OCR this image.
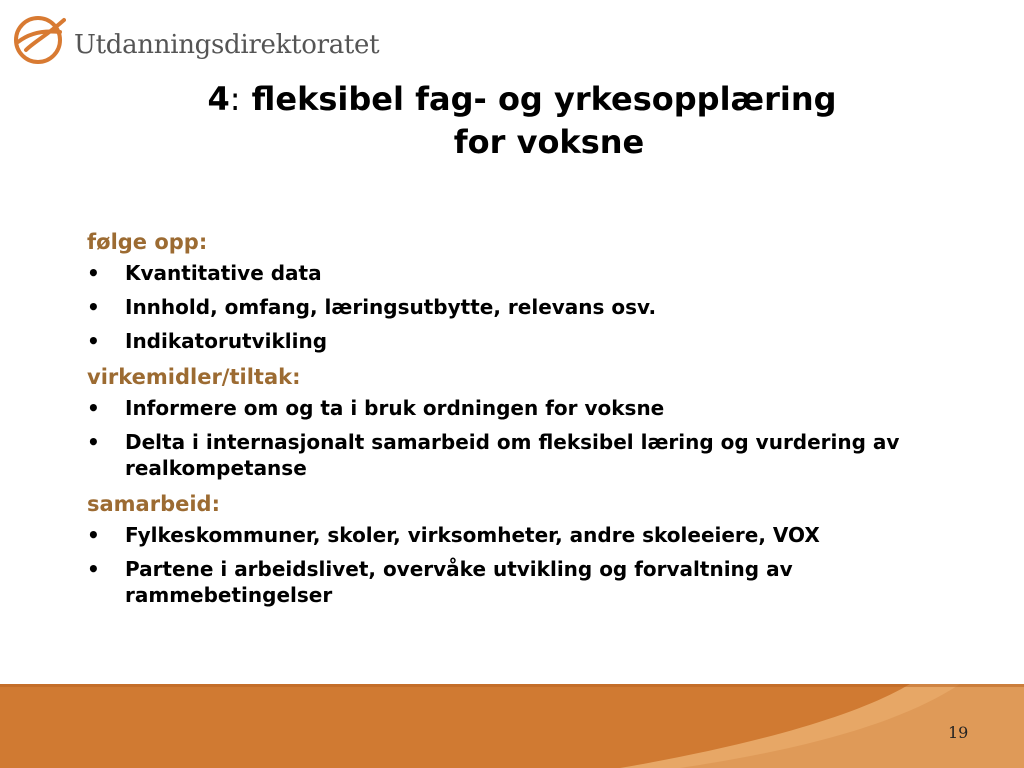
Utdanningsdirektoratet
4: fleksibel fag- og yrkesopplæring
for voksne
følge opp:
•	Kvantitative data
•	Innhold, omfang, læringsutbytte, relevans osv.
•	Indikatorutvikling
virkemidler/tiltak:
•	Informere om og ta i bruk ordningen for voksne
•	Delta i internasjonalt samarbeid om fleksibel læring og vurdering av realkompetanse
samarbeid:
•	Fylkeskommuner, skoler, virksomheter, andre skoleeiere, VOX
•	Partene i arbeidslivet, overvåke utvikling og forvaltning av rammebetingelser
19
